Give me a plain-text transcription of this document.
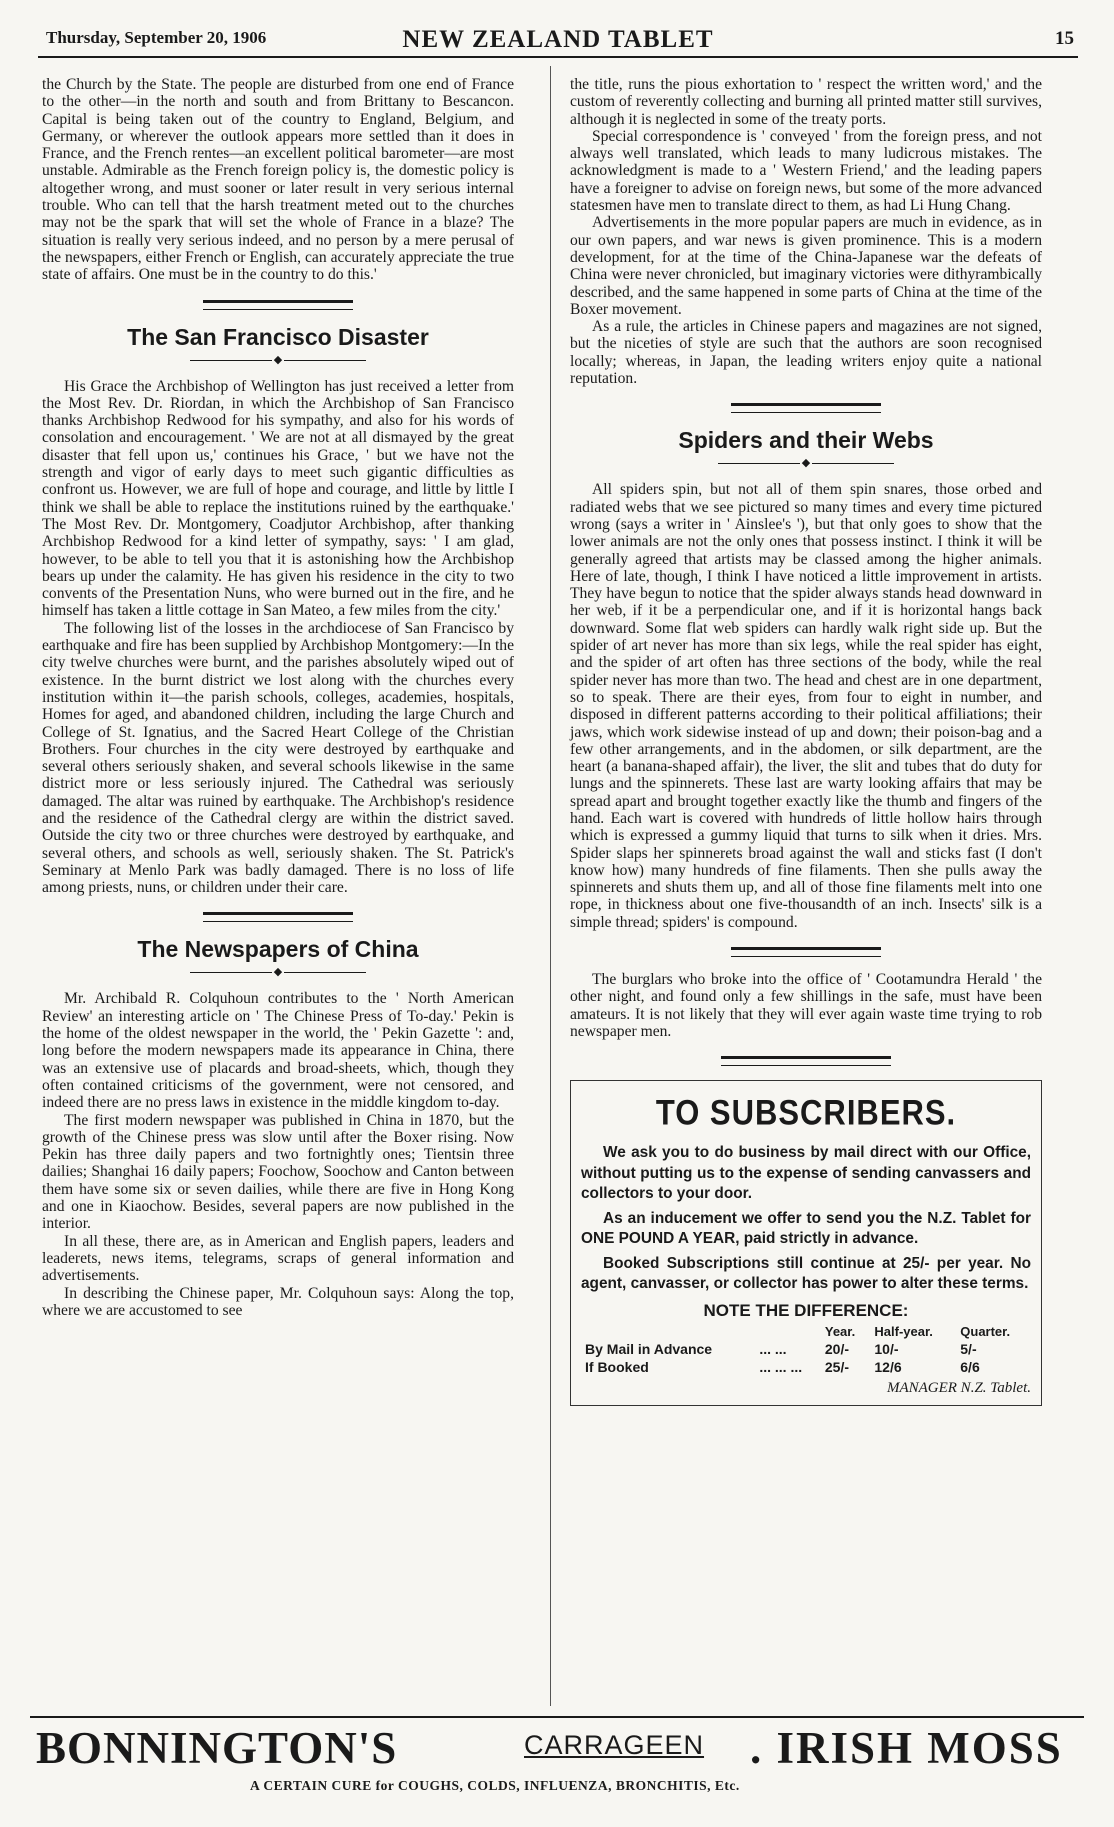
Thursday, September 20, 1906	NEW ZEALAND TABLET	15

the Church by the State. The people are disturbed from one end of France to the other—in the north and south and from Brittany to Bescancon. Capital is being taken out of the country to England, Belgium, and Germany, or wherever the outlook appears more settled than it does in France, and the French rentes—an excellent political barometer—are most unstable. Admirable as the French foreign policy is, the domestic policy is altogether wrong, and must sooner or later result in very serious internal trouble. Who can tell that the harsh treatment meted out to the churches may not be the spark that will set the whole of France in a blaze? The situation is really very serious indeed, and no person by a mere perusal of the newspapers, either French or English, can accurately appreciate the true state of affairs. One must be in the country to do this.'

The San Francisco Disaster
◆

His Grace the Archbishop of Wellington has just received a letter from the Most Rev. Dr. Riordan, in which the Archbishop of San Francisco thanks Archbishop Redwood for his sympathy, and also for his words of consolation and encouragement. ' We are not at all dismayed by the great disaster that fell upon us,' continues his Grace, ' but we have not the strength and vigor of early days to meet such gigantic difficulties as confront us. However, we are full of hope and courage, and little by little I think we shall be able to replace the institutions ruined by the earthquake.' The Most Rev. Dr. Montgomery, Coadjutor Archbishop, after thanking Archbishop Redwood for a kind letter of sympathy, says: ' I am glad, however, to be able to tell you that it is astonishing how the Archbishop bears up under the calamity. He has given his residence in the city to two convents of the Presentation Nuns, who were burned out in the fire, and he himself has taken a little cottage in San Mateo, a few miles from the city.'

The following list of the losses in the archdiocese of San Francisco by earthquake and fire has been supplied by Archbishop Montgomery:—In the city twelve churches were burnt, and the parishes absolutely wiped out of existence. In the burnt district we lost along with the churches every institution within it—the parish schools, colleges, academies, hospitals, Homes for aged, and abandoned children, including the large Church and College of St. Ignatius, and the Sacred Heart College of the Christian Brothers. Four churches in the city were destroyed by earthquake and several others seriously shaken, and several schools likewise in the same district more or less seriously injured. The Cathedral was seriously damaged. The altar was ruined by earthquake. The Archbishop's residence and the residence of the Cathedral clergy are within the district saved. Outside the city two or three churches were destroyed by earthquake, and several others, and schools as well, seriously shaken. The St. Patrick's Seminary at Menlo Park was badly damaged. There is no loss of life among priests, nuns, or children under their care.

The Newspapers of China
◆

Mr. Archibald R. Colquhoun contributes to the ' North American Review' an interesting article on ' The Chinese Press of To-day.' Pekin is the home of the oldest newspaper in the world, the ' Pekin Gazette ': and, long before the modern newspapers made its appearance in China, there was an extensive use of placards and broad-sheets, which, though they often contained criticisms of the government, were not censored, and indeed there are no press laws in existence in the middle kingdom to-day.

The first modern newspaper was published in China in 1870, but the growth of the Chinese press was slow until after the Boxer rising. Now Pekin has three daily papers and two fortnightly ones; Tientsin three dailies; Shanghai 16 daily papers; Foochow, Soochow and Canton between them have some six or seven dailies, while there are five in Hong Kong and one in Kiaochow. Besides, several papers are now published in the interior.

In all these, there are, as in American and English papers, leaders and leaderets, news items, telegrams, scraps of general information and advertisements.

In describing the Chinese paper, Mr. Colquhoun says: Along the top, where we are accustomed to see

the title, runs the pious exhortation to ' respect the written word,' and the custom of reverently collecting and burning all printed matter still survives, although it is neglected in some of the treaty ports.

Special correspondence is ' conveyed ' from the foreign press, and not always well translated, which leads to many ludicrous mistakes. The acknowledgment is made to a ' Western Friend,' and the leading papers have a foreigner to advise on foreign news, but some of the more advanced statesmen have men to translate direct to them, as had Li Hung Chang.

Advertisements in the more popular papers are much in evidence, as in our own papers, and war news is given prominence. This is a modern development, for at the time of the China-Japanese war the defeats of China were never chronicled, but imaginary victories were dithyrambically described, and the same happened in some parts of China at the time of the Boxer movement.

As a rule, the articles in Chinese papers and magazines are not signed, but the niceties of style are such that the authors are soon recognised locally; whereas, in Japan, the leading writers enjoy quite a national reputation.

Spiders and their Webs
◆

All spiders spin, but not all of them spin snares, those orbed and radiated webs that we see pictured so many times and every time pictured wrong (says a writer in ' Ainslee's '), but that only goes to show that the lower animals are not the only ones that possess instinct. I think it will be generally agreed that artists may be classed among the higher animals. Here of late, though, I think I have noticed a little improvement in artists. They have begun to notice that the spider always stands head downward in her web, if it be a perpendicular one, and if it is horizontal hangs back downward. Some flat web spiders can hardly walk right side up. But the spider of art never has more than six legs, while the real spider has eight, and the spider of art often has three sections of the body, while the real spider never has more than two. The head and chest are in one department, so to speak. There are their eyes, from four to eight in number, and disposed in different patterns according to their political affiliations; their jaws, which work sidewise instead of up and down; their poison-bag and a few other arrangements, and in the abdomen, or silk department, are the heart (a banana-shaped affair), the liver, the slit and tubes that do duty for lungs and the spinnerets. These last are warty looking affairs that may be spread apart and brought together exactly like the thumb and fingers of the hand. Each wart is covered with hundreds of little hollow hairs through which is expressed a gummy liquid that turns to silk when it dries. Mrs. Spider slaps her spinnerets broad against the wall and sticks fast (I don't know how) many hundreds of fine filaments. Then she pulls away the spinnerets and shuts them up, and all of those fine filaments melt into one rope, in thickness about one five-thousandth of an inch. Insects' silk is a simple thread; spiders' is compound.

The burglars who broke into the office of ' Cootamundra Herald ' the other night, and found only a few shillings in the safe, must have been amateurs. It is not likely that they will ever again waste time trying to rob newspaper men.

TO SUBSCRIBERS.

We ask you to do business by mail direct with our Office, without putting us to the expense of sending canvassers and collectors to your door.

As an inducement we offer to send you the N.Z. Tablet for ONE POUND A YEAR, paid strictly in advance.

Booked Subscriptions still continue at 25/- per year. No agent, canvasser, or collector has power to alter these terms.

NOTE THE DIFFERENCE:
		Year.	Half-year.	Quarter.
By Mail in Advance	... ...	20/-	10/-	5/-
If Booked	... ... ...	25/-	12/6	6/6
MANAGER N.Z. Tablet.
BONNINGTON'S	CARRAGEEN . IRISH MOSS
A CERTAIN CURE for COUGHS, COLDS, INFLUENZA, BRONCHITIS, Etc.
